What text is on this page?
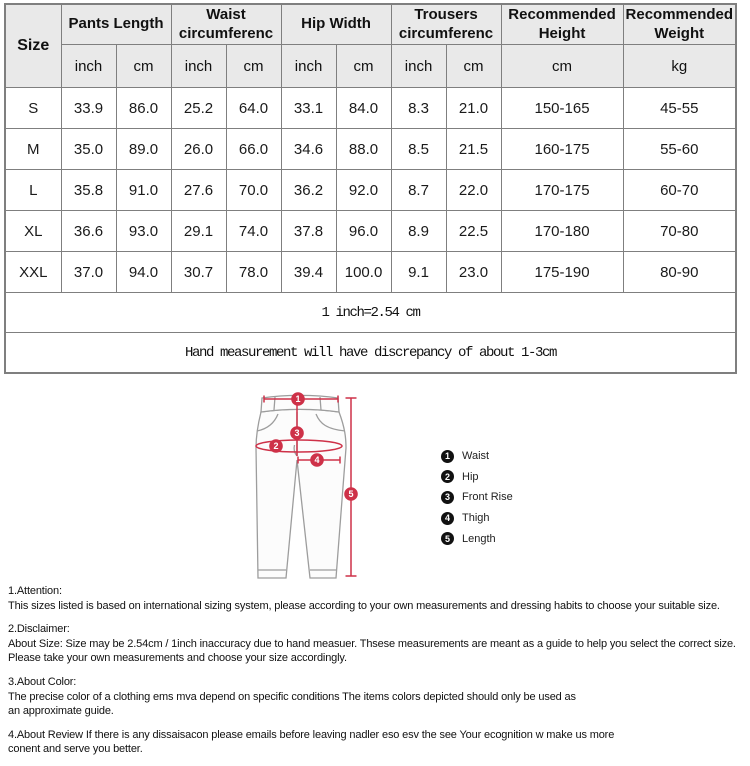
Size	Pants Length		Waist circumferenc		Hip Width		Trousers circumferenc		Recommended Height	Recommended Weight
	inch	cm	inch	cm	inch	cm	inch	cm	cm	kg
S	33.9	86.0	25.2	64.0	33.1	84.0	8.3	21.0	150-165	45-55
M	35.0	89.0	26.0	66.0	34.6	88.0	8.5	21.5	160-175	55-60
L	35.8	91.0	27.6	70.0	36.2	92.0	8.7	22.0	170-175	60-70
XL	36.6	93.0	29.1	74.0	37.8	96.0	8.9	22.5	170-180	70-80
XXL	37.0	94.0	30.7	78.0	39.4	100.0	9.1	23.0	175-190	80-90
1 inch=2.54 cm										
Hand measurement will have discrepancy of about 1-3cm										
1
2
3
4
5
1	Waist
2	Hip
3	Front Rise
4	Thigh
5	Length
1.Attention:
This sizes listed is based on international sizing system, please according to your own measurements and dressing habits to choose your suitable size.
2.Disclaimer:
About Size: Size may be 2.54cm / 1inch inaccuracy due to hand measuer. Thsese measurements are meant as a guide to help you select the correct size.
Please take your own measurements and choose your size accordingly.
3.About Color:
The precise color of a clothing ems mva depend on specific conditions The items colors depicted should only be used as
an approximate guide.
4.About Review If there is any dissaisacon please emails before leaving nadler eso esv the see Your ecognition w make us more
conent and serve you better.
